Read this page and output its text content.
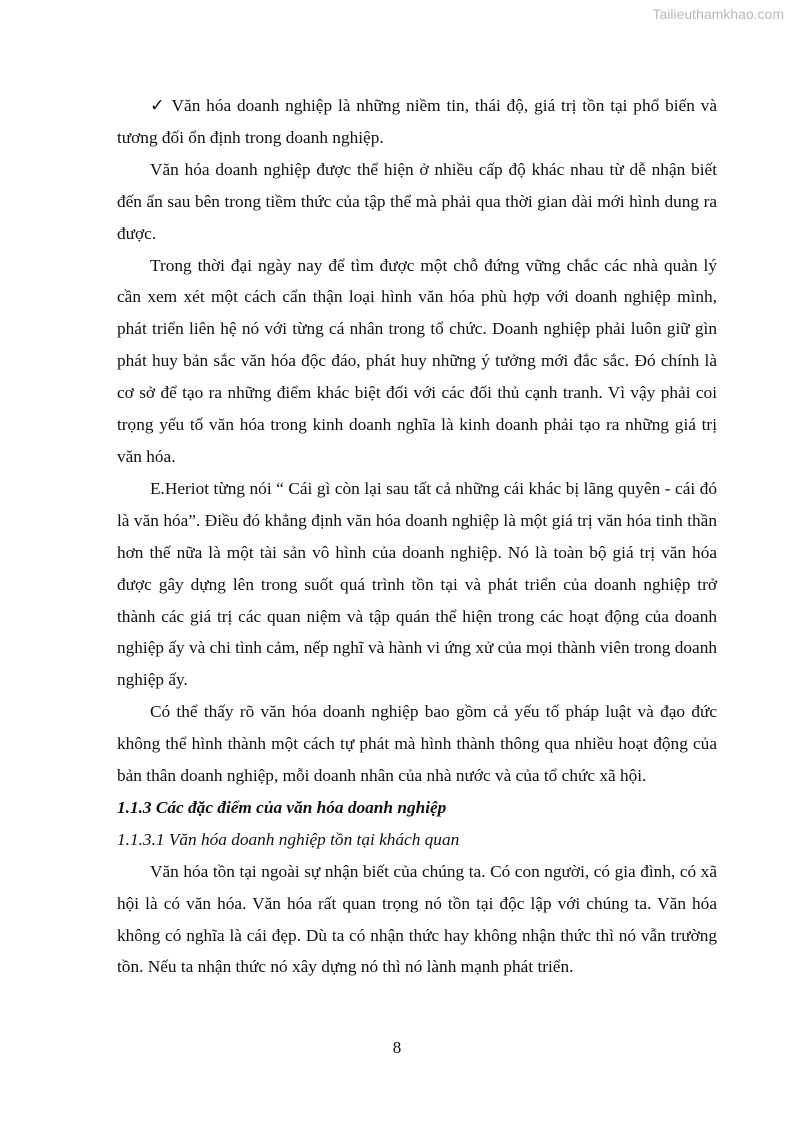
Tailieuthamkhao.com

✓ Văn hóa doanh nghiệp là những niềm tin, thái độ, giá trị tồn tại phổ biến và tương đối ổn định trong doanh nghiệp.

Văn hóa doanh nghiệp được thể hiện ở nhiều cấp độ khác nhau từ dễ nhận biết đến ẩn sau bên trong tiềm thức của tập thể mà phải qua thời gian dài mới hình dung ra được.

Trong thời đại ngày nay để tìm được một chỗ đứng vững chắc các nhà quản lý cần xem xét một cách cẩn thận loại hình văn hóa phù hợp với doanh nghiệp mình, phát triển liên hệ nó với từng cá nhân trong tổ chức. Doanh nghiệp phải luôn giữ gìn phát huy bản sắc văn hóa độc đáo, phát huy những ý tưởng mới đắc sắc. Đó chính là cơ sở để tạo ra những điểm khác biệt đối với các đối thủ cạnh tranh. Vì vậy phải coi trọng yếu tố văn hóa trong kinh doanh nghĩa là kinh doanh phải tạo ra những giá trị văn hóa.

E.Heriot từng nói “ Cái gì còn lại sau tất cả những cái khác bị lãng quyên - cái đó là văn hóa”. Điều đó khẳng định văn hóa doanh nghiệp là một giá trị văn hóa tinh thần hơn thế nữa là một tài sản vô hình của doanh nghiệp. Nó là toàn bộ giá trị văn hóa được gây dựng lên trong suốt quá trình tồn tại và phát triển của doanh nghiệp trở thành các giá trị các quan niệm và tập quán thể hiện trong các hoạt động của doanh nghiệp ấy và chi tình cảm, nếp nghĩ và hành vi ứng xử của mọi thành viên trong doanh nghiệp ấy.

Có thể thấy rõ văn hóa doanh nghiệp bao gồm cả yếu tố pháp luật và đạo đức không thể hình thành một cách tự phát mà hình thành thông qua nhiều hoạt động của bản thân doanh nghiệp, mỗi doanh nhân của nhà nước và của tổ chức xã hội.

1.1.3 Các đặc điểm của văn hóa doanh nghiệp

1.1.3.1 Văn hóa doanh nghiệp tồn tại khách quan

Văn hóa tồn tại ngoài sự nhận biết của chúng ta. Có con người, có gia đình, có xã hội là có văn hóa. Văn hóa rất quan trọng nó tồn tại độc lập với chúng ta. Văn hóa không có nghĩa là cái đẹp. Dù ta có nhận thức hay không nhận thức thì nó vẫn trường tồn. Nếu ta nhận thức nó xây dựng nó thì nó lành mạnh phát triển.

8
